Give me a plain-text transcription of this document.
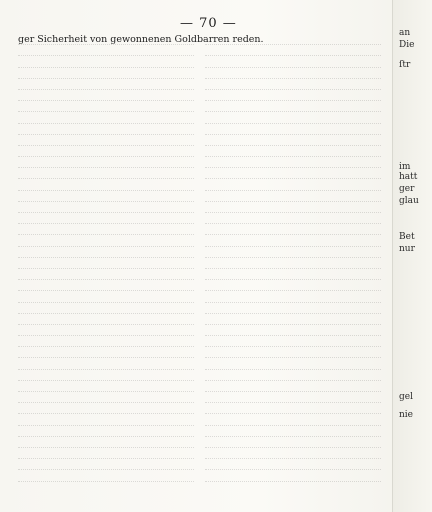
— 70 —
ger Sicherheit von gewonnenen Goldbarren reden.
an
Die
ſtr
im
hatt
ger
glau
Bet
nur
gel
nie
